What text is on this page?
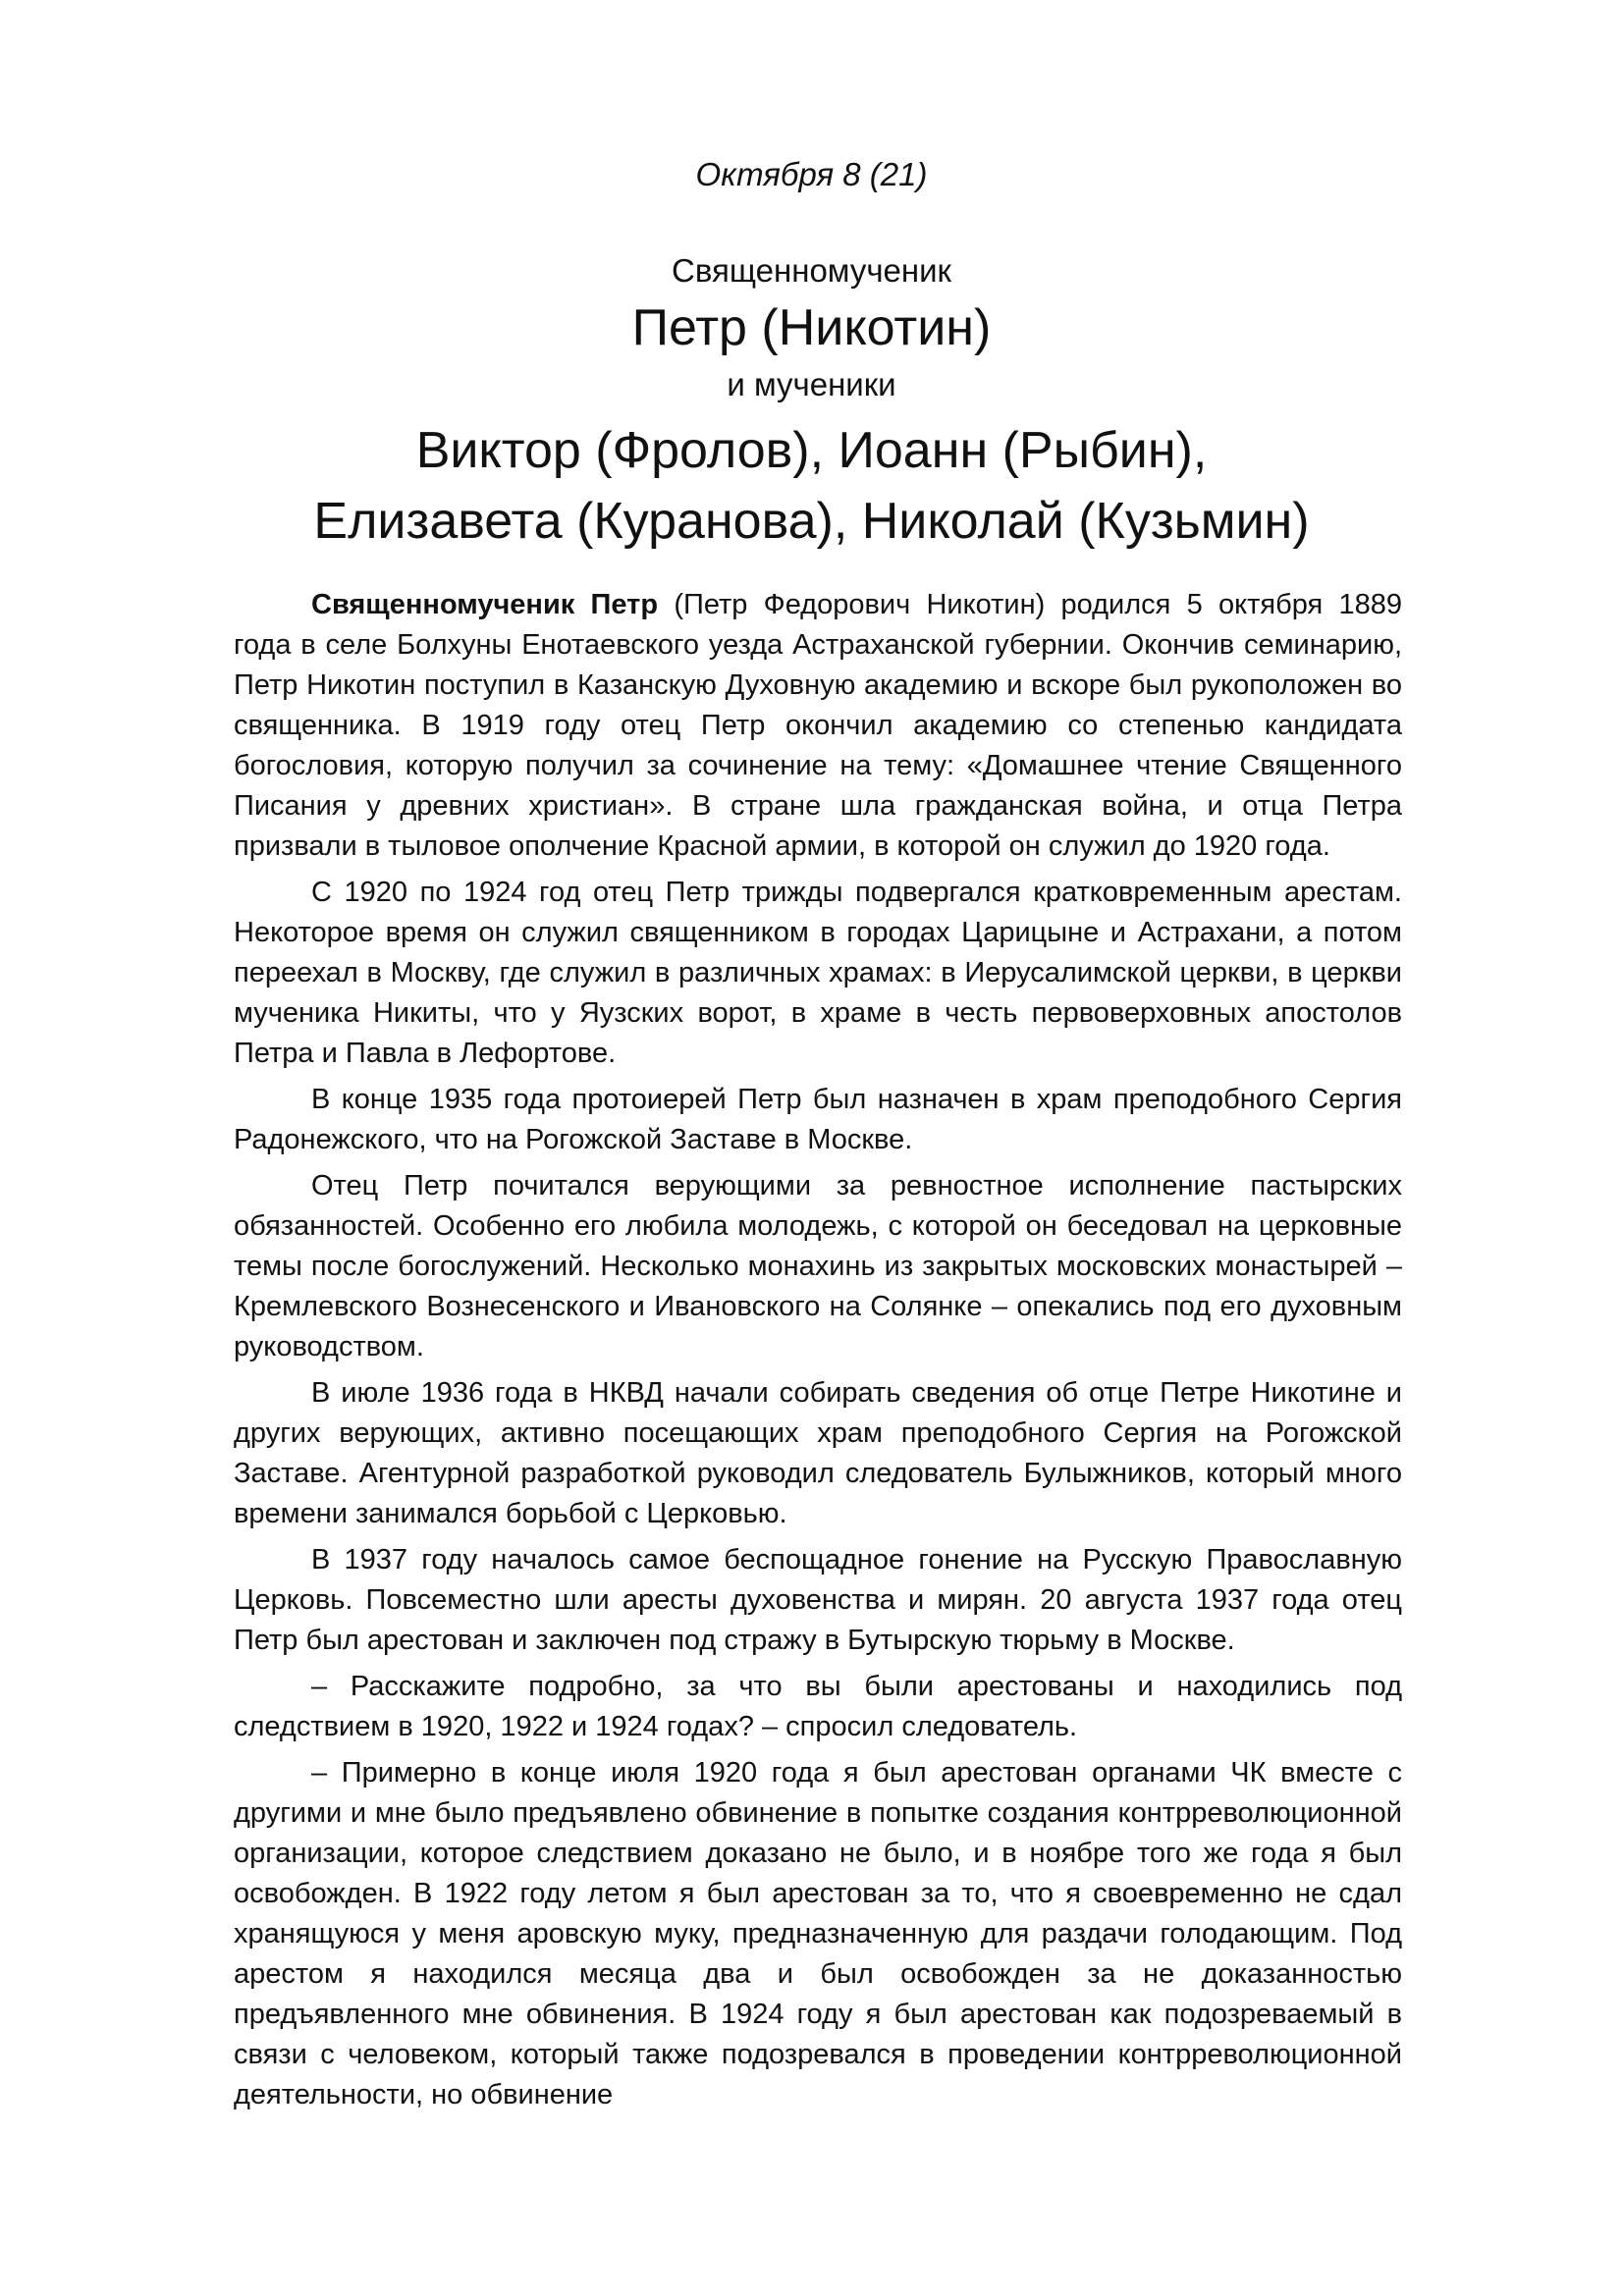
Октября 8 (21)

Священномученик

Петр (Никотин)

и мученики

Виктор (Фролов), Иоанн (Рыбин),

Елизавета (Куранова), Николай (Кузьмин)

Священномученик Петр (Петр Федорович Никотин) родился 5 октября 1889 года в селе Болхуны Енотаевского уезда Астраханской губернии. Окончив семинарию, Петр Никотин поступил в Казанскую Духовную академию и вскоре был рукоположен во священника. В 1919 году отец Петр окончил академию со степенью кандидата богословия, которую получил за сочинение на тему: «Домашнее чтение Священного Писания у древних христиан». В стране шла гражданская война, и отца Петра призвали в тыловое ополчение Красной армии, в которой он служил до 1920 года.

С 1920 по 1924 год отец Петр трижды подвергался кратковременным арестам. Некоторое время он служил священником в городах Царицыне и Астрахани, а потом переехал в Москву, где служил в различных храмах: в Иерусалимской церкви, в церкви мученика Никиты, что у Яузских ворот, в храме в честь первоверховных апостолов Петра и Павла в Лефортове.

В конце 1935 года протоиерей Петр был назначен в храм преподобного Сергия Радонежского, что на Рогожской Заставе в Москве.

Отец Петр почитался верующими за ревностное исполнение пастырских обязанностей. Особенно его любила молодежь, с которой он беседовал на церковные темы после богослужений. Несколько монахинь из закрытых московских монастырей – Кремлевского Вознесенского и Ивановского на Солянке – опекались под его духовным руководством.

В июле 1936 года в НКВД начали собирать сведения об отце Петре Никотине и других верующих, активно посещающих храм преподобного Сергия на Рогожской Заставе. Агентурной разработкой руководил следователь Булыжников, который много времени занимался борьбой с Церковью.

В 1937 году началось самое беспощадное гонение на Русскую Православную Церковь. Повсеместно шли аресты духовенства и мирян. 20 августа 1937 года отец Петр был арестован и заключен под стражу в Бутырскую тюрьму в Москве.

– Расскажите подробно, за что вы были арестованы и находились под следствием в 1920, 1922 и 1924 годах? – спросил следователь.

– Примерно в конце июля 1920 года я был арестован органами ЧК вместе с другими и мне было предъявлено обвинение в попытке создания контрреволюционной организации, которое следствием доказано не было, и в ноябре того же года я был освобожден. В 1922 году летом я был арестован за то, что я своевременно не сдал хранящуюся у меня аровскую муку, предназначенную для раздачи голодающим. Под арестом я находился месяца два и был освобожден за не доказанностью предъявленного мне обвинения. В 1924 году я был арестован как подозреваемый в связи с человеком, который также подозревался в проведении контрреволюционной деятельности, но обвинение
